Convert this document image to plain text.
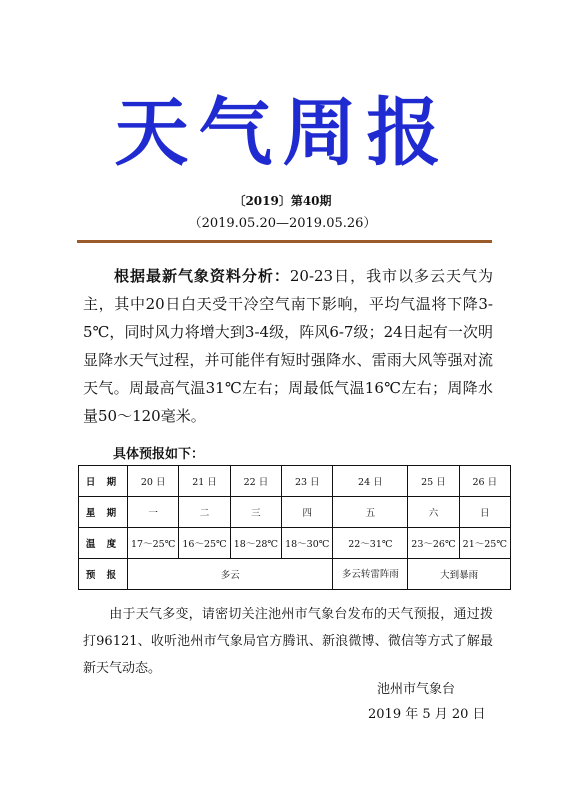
天气周报
〔2019〕第40期
（2019.05.20—2019.05.26）
根据最新气象资料分析：20-23日，我市以多云天气为主，其中20日白天受干冷空气南下影响，平均气温将下降3-5℃，同时风力将增大到3-4级，阵风6-7级；24日起有一次明显降水天气过程，并可能伴有短时强降水、雷雨大风等强对流天气。周最高气温31℃左右；周最低气温16℃左右；周降水量50～120毫米。
具体预报如下：
日 期	20 日	21 日	22 日	23 日	24 日	25 日	26 日
星 期	一	二	三	四	五	六	日
温 度	17～25℃	16～25℃	18～28℃	18～30℃	22～31℃	23～26℃	21～25℃
预 报	多云				多云转雷阵雨	大到暴雨	
由于天气多变，请密切关注池州市气象台发布的天气预报，通过拨打96121、收听池州市气象局官方腾讯、新浪微博、微信等方式了解最新天气动态。
池州市气象台
2019 年 5 月 20 日
